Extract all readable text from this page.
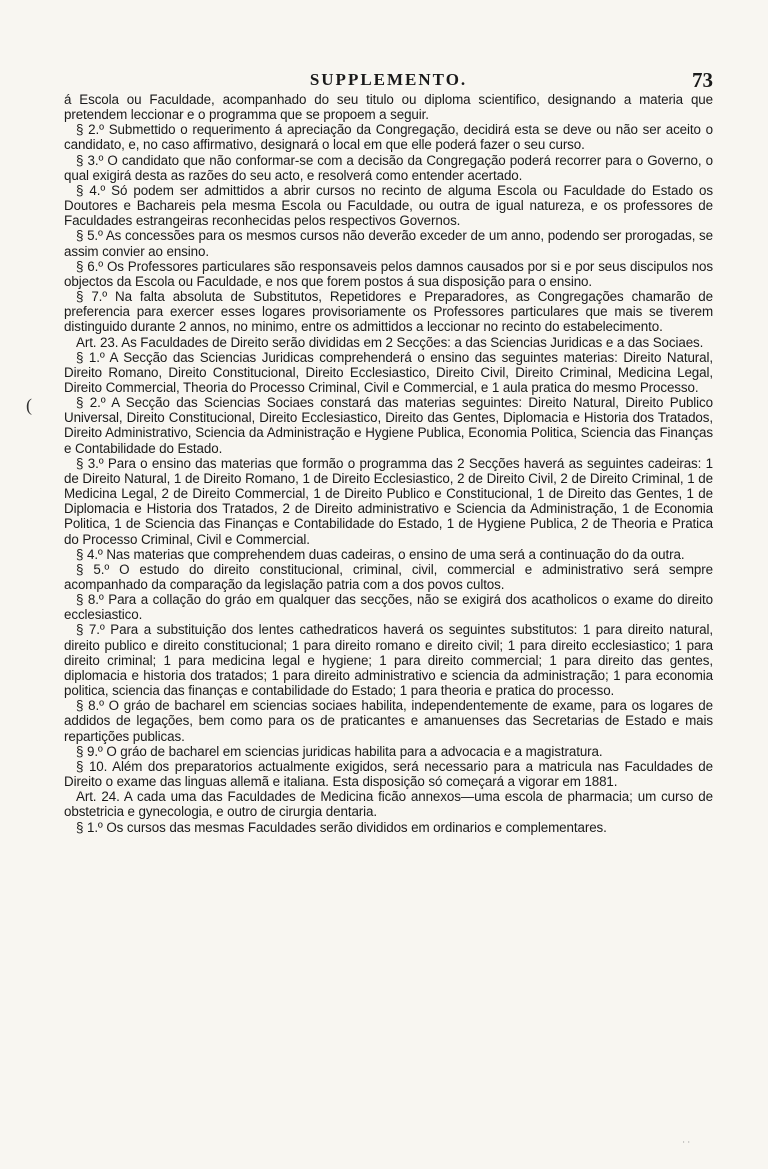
SUPPLEMENTO.	73
(

á Escola ou Faculdade, acompanhado do seu titulo ou diploma scientifico, designando a materia que pretendem leccionar e o programma que se propoem a seguir.

§ 2.º Submettido o requerimento á apreciação da Congregação, decidirá esta se deve ou não ser aceito o candidato, e, no caso affirmativo, designará o local em que elle poderá fazer o seu curso.

§ 3.º O candidato que não conformar-se com a decisão da Congregação poderá recorrer para o Governo, o qual exigirá desta as razões do seu acto, e resolverá como entender acertado.

§ 4.º Só podem ser admittidos a abrir cursos no recinto de alguma Escola ou Faculdade do Estado os Doutores e Bachareis pela mesma Escola ou Faculdade, ou outra de igual natureza, e os professores de Faculdades estrangeiras reconhecidas pelos respectivos Governos.

§ 5.º As concessões para os mesmos cursos não deverão exceder de um anno, podendo ser prorogadas, se assim convier ao ensino.

§ 6.º Os Professores particulares são responsaveis pelos damnos causados por si e por seus discipulos nos objectos da Escola ou Faculdade, e nos que forem postos á sua disposição para o ensino.

§ 7.º Na falta absoluta de Substitutos, Repetidores e Preparadores, as Congregações chamarão de preferencia para exercer esses logares provisoriamente os Professores particulares que mais se tiverem distinguido durante 2 annos, no minimo, entre os admittidos a leccionar no recinto do estabelecimento.

Art. 23. As Faculdades de Direito serão divididas em 2 Secções: a das Sciencias Juridicas e a das Sociaes.

§ 1.º A Secção das Sciencias Juridicas comprehenderá o ensino das seguintes materias: Direito Natural, Direito Romano, Direito Constitucional, Direito Ecclesiastico, Direito Civil, Direito Criminal, Medicina Legal, Direito Commercial, Theoria do Processo Criminal, Civil e Commercial, e 1 aula pratica do mesmo Processo.

§ 2.º A Secção das Sciencias Sociaes constará das materias seguintes: Direito Natural, Direito Publico Universal, Direito Constitucional, Direito Ecclesiastico, Direito das Gentes, Diplomacia e Historia dos Tratados, Direito Administrativo, Sciencia da Administração e Hygiene Publica, Economia Politica, Sciencia das Finanças e Contabilidade do Estado.

§ 3.º Para o ensino das materias que formão o programma das 2 Secções haverá as seguintes cadeiras: 1 de Direito Natural, 1 de Direito Romano, 1 de Direito Ecclesiastico, 2 de Direito Civil, 2 de Direito Criminal, 1 de Medicina Legal, 2 de Direito Commercial, 1 de Direito Publico e Constitucional, 1 de Direito das Gentes, 1 de Diplomacia e Historia dos Tratados, 2 de Direito administrativo e Sciencia da Administração, 1 de Economia Politica, 1 de Sciencia das Finanças e Contabilidade do Estado, 1 de Hygiene Publica, 2 de Theoria e Pratica do Processo Criminal, Civil e Commercial.

§ 4.º Nas materias que comprehendem duas cadeiras, o ensino de uma será a continuação do da outra.

§ 5.º O estudo do direito constitucional, criminal, civil, commercial e administrativo será sempre acompanhado da comparação da legislação patria com a dos povos cultos.

§ 8.º Para a collação do gráo em qualquer das secções, não se exigirá dos acatholicos o exame do direito ecclesiastico.

§ 7.º Para a substituição dos lentes cathedraticos haverá os seguintes substitutos: 1 para direito natural, direito publico e direito constitucional; 1 para direito romano e direito civil; 1 para direito ecclesiastico; 1 para direito criminal; 1 para medicina legal e hygiene; 1 para direito commercial; 1 para direito das gentes, diplomacia e historia dos tratados; 1 para direito administrativo e sciencia da administração; 1 para economia politica, sciencia das finanças e contabilidade do Estado; 1 para theoria e pratica do processo.

§ 8.º O gráo de bacharel em sciencias sociaes habilita, independentemente de exame, para os logares de addidos de legações, bem como para os de praticantes e amanuenses das Secretarias de Estado e mais repartições publicas.

§ 9.º O gráo de bacharel em sciencias juridicas habilita para a advocacia e a magistratura.

§ 10. Além dos preparatorios actualmente exigidos, será necessario para a matricula nas Faculdades de Direito o exame das linguas allemã e italiana. Esta disposição só começará a vigorar em 1881.

Art. 24. A cada uma das Faculdades de Medicina ficão annexos—uma escola de pharmacia; um curso de obstetricia e gynecologia, e outro de cirurgia dentaria.

§ 1.º Os cursos das mesmas Faculdades serão divididos em ordinarios e complementares.

· ·
